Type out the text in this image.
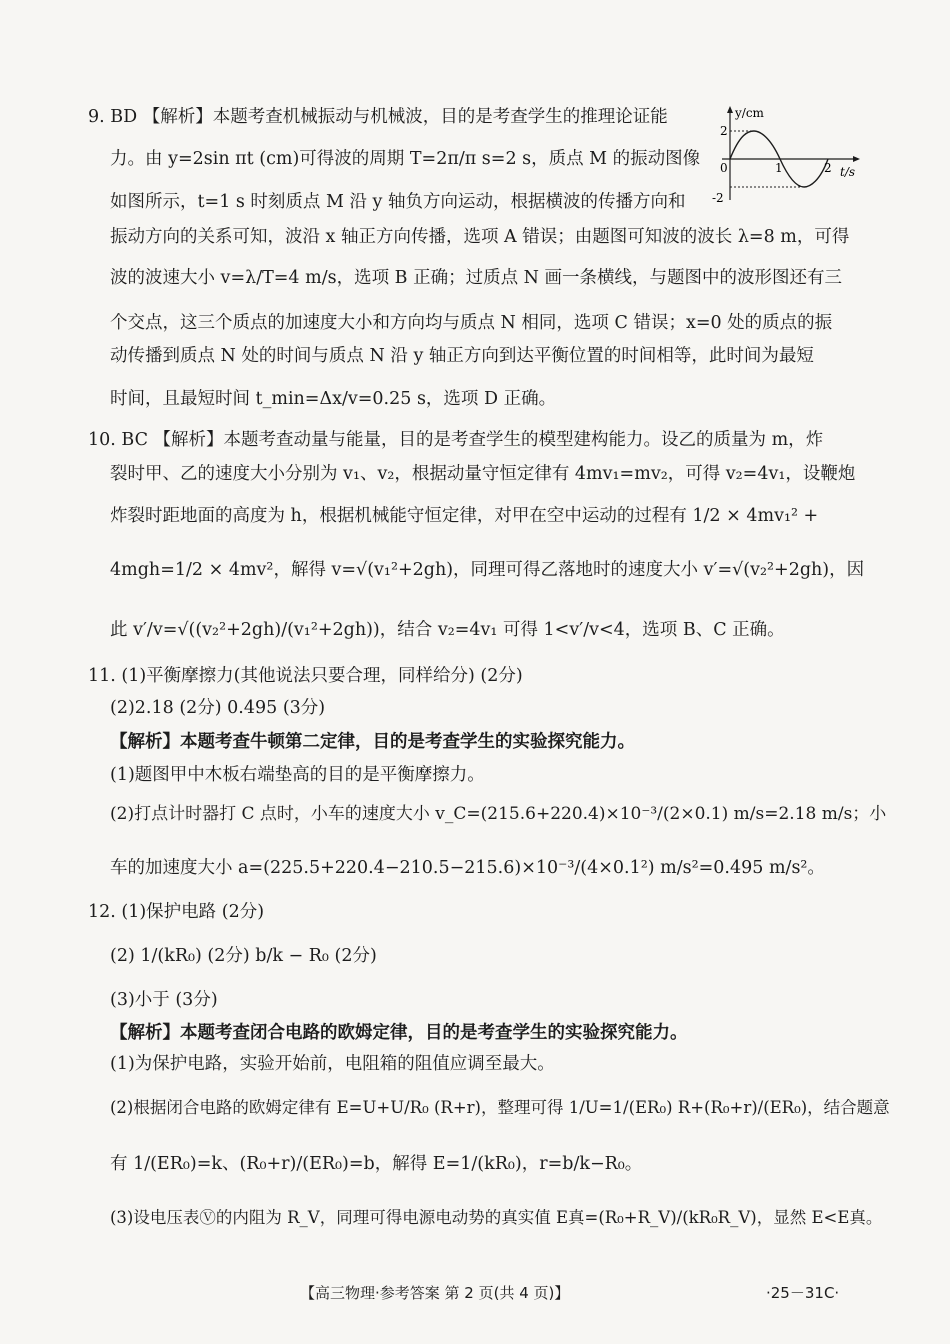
9. BD 【解析】本题考查机械振动与机械波，目的是考查学生的推理论证能
力。由 y=2sin πt (cm)可得波的周期 T=2π/π s=2 s，质点 M 的振动图像
如图所示，t=1 s 时刻质点 M 沿 y 轴负方向运动，根据横波的传播方向和
振动方向的关系可知，波沿 x 轴正方向传播，选项 A 错误；由题图可知波的波长 λ=8 m，可得
波的波速大小 v=λ/T=4 m/s，选项 B 正确；过质点 N 画一条横线，与题图中的波形图还有三
个交点，这三个质点的加速度大小和方向均与质点 N 相同，选项 C 错误；x=0 处的质点的振
动传播到质点 N 处的时间与质点 N 沿 y 轴正方向到达平衡位置的时间相等，此时间为最短
时间，且最短时间 t_min=Δx/v=0.25 s，选项 D 正确。
y/cm
2
-2
0	1	2 t/s
10. BC 【解析】本题考查动量与能量，目的是考查学生的模型建构能力。设乙的质量为 m，炸
裂时甲、乙的速度大小分别为 v₁、v₂，根据动量守恒定律有 4mv₁=mv₂，可得 v₂=4v₁，设鞭炮
炸裂时距地面的高度为 h，根据机械能守恒定律，对甲在空中运动的过程有 1/2 × 4mv₁² +
4mgh=1/2 × 4mv²，解得 v=√(v₁²+2gh)，同理可得乙落地时的速度大小 v′=√(v₂²+2gh)，因
此 v′/v=√((v₂²+2gh)/(v₁²+2gh))，结合 v₂=4v₁ 可得 1<v′/v<4，选项 B、C 正确。
11. (1)平衡摩擦力(其他说法只要合理，同样给分) (2分)
(2)2.18 (2分) 0.495 (3分)
【解析】本题考查牛顿第二定律，目的是考查学生的实验探究能力。
(1)题图甲中木板右端垫高的目的是平衡摩擦力。
(2)打点计时器打 C 点时，小车的速度大小 v_C=(215.6+220.4)×10⁻³/(2×0.1) m/s=2.18 m/s；小
车的加速度大小 a=(225.5+220.4−210.5−215.6)×10⁻³/(4×0.1²) m/s²=0.495 m/s²。
12. (1)保护电路 (2分)
(2) 1/(kR₀) (2分) b/k − R₀ (2分)
(3)小于 (3分)
【解析】本题考查闭合电路的欧姆定律，目的是考查学生的实验探究能力。
(1)为保护电路，实验开始前，电阻箱的阻值应调至最大。
(2)根据闭合电路的欧姆定律有 E=U+U/R₀ (R+r)，整理可得 1/U=1/(ER₀) R+(R₀+r)/(ER₀)，结合题意
有 1/(ER₀)=k、(R₀+r)/(ER₀)=b，解得 E=1/(kR₀)，r=b/k−R₀。
(3)设电压表Ⓥ的内阻为 R_V，同理可得电源电动势的真实值 E真=(R₀+R_V)/(kR₀R_V)，显然 E<E真。
【高三物理·参考答案 第 2 页(共 4 页)】	·25－31C·
